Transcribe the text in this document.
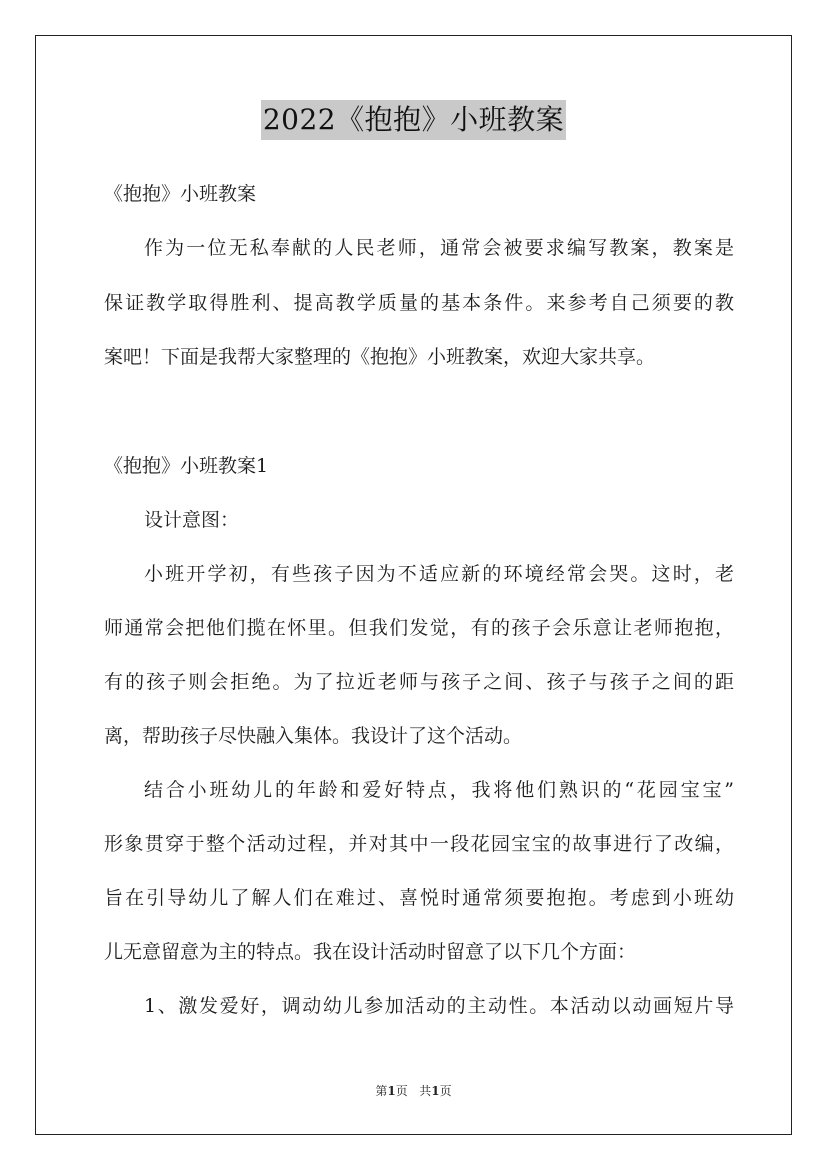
2022《抱抱》小班教案
《抱抱》小班教案
作为一位无私奉献的人民老师，通常会被要求编写教案，教案是
保证教学取得胜利、提高教学质量的基本条件。来参考自己须要的教
案吧！下面是我帮大家整理的《抱抱》小班教案，欢迎大家共享。
《抱抱》小班教案1
设计意图：
小班开学初，有些孩子因为不适应新的环境经常会哭。这时，老
师通常会把他们揽在怀里。但我们发觉，有的孩子会乐意让老师抱抱，
有的孩子则会拒绝。为了拉近老师与孩子之间、孩子与孩子之间的距
离，帮助孩子尽快融入集体。我设计了这个活动。
结合小班幼儿的年龄和爱好特点，我将他们熟识的“花园宝宝”
形象贯穿于整个活动过程，并对其中一段花园宝宝的故事进行了改编，
旨在引导幼儿了解人们在难过、喜悦时通常须要抱抱。考虑到小班幼
儿无意留意为主的特点。我在设计活动时留意了以下几个方面：
1、激发爱好，调动幼儿参加活动的主动性。本活动以动画短片导
第1页 共1页
